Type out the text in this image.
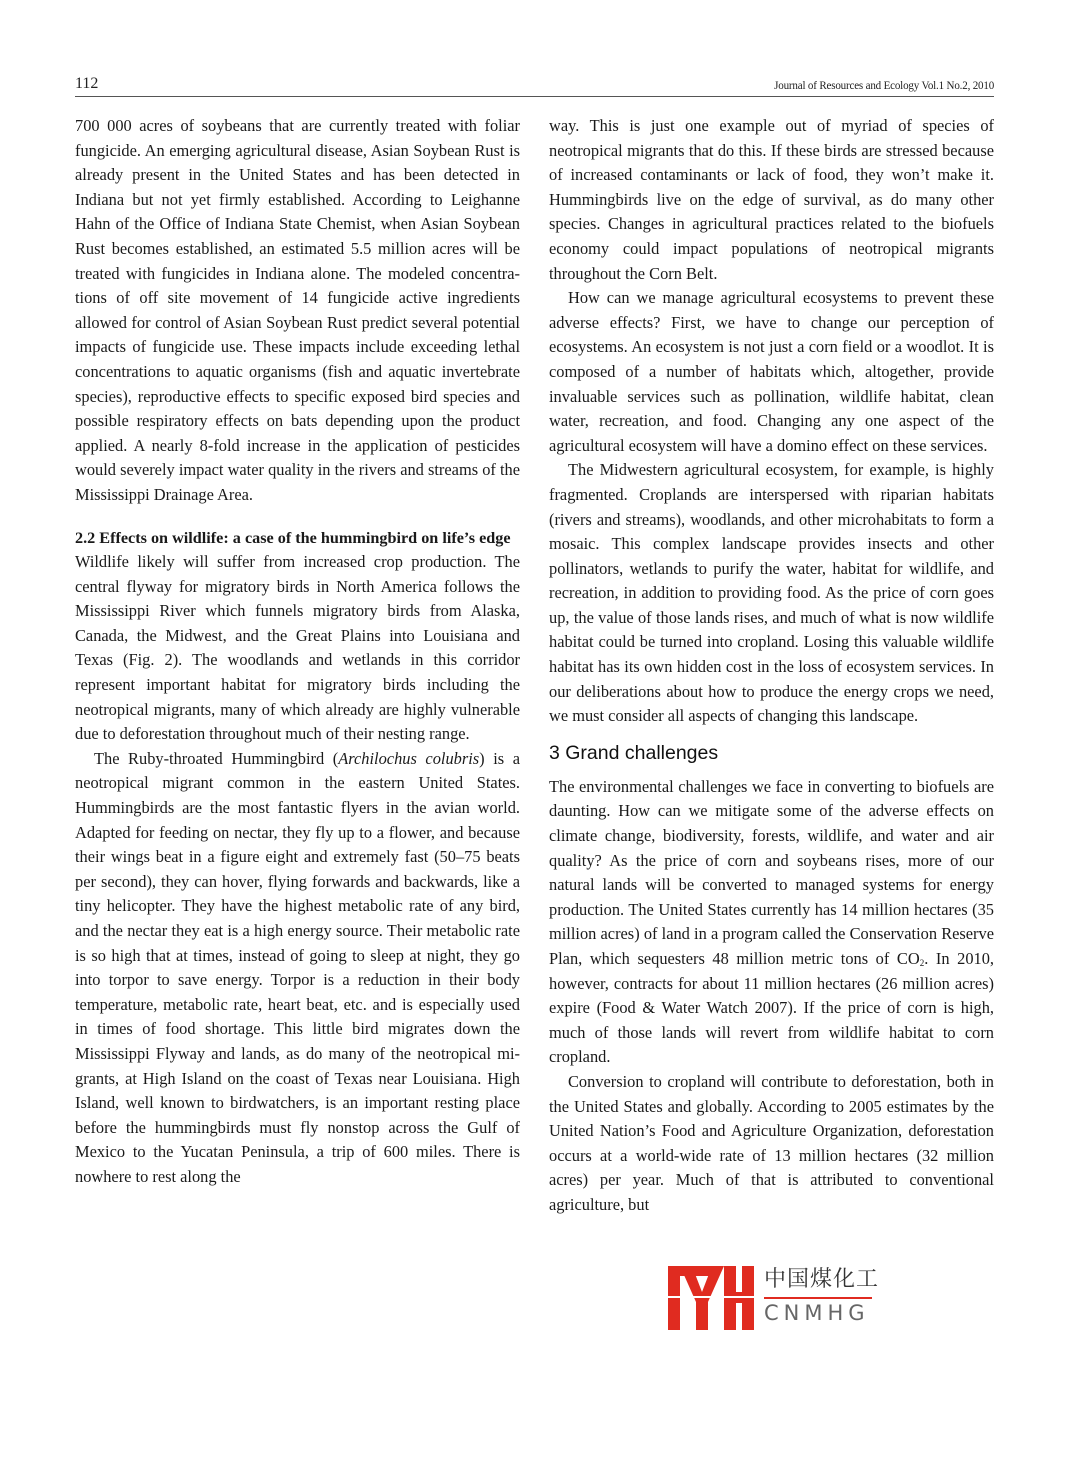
112	Journal of Resources and Ecology Vol.1 No.2, 2010

700 000 acres of soybeans that are currently treated with foliar fungicide. An emerging agricultural disease, Asian Soybean Rust is already present in the United States and has been detected in Indiana but not yet firmly established. According to Leighanne Hahn of the Office of Indiana State Chemist, when Asian Soybean Rust becomes established, an estimated 5.5 million acres will be treated with fungicides in Indiana alone. The modeled concentrations of off site movement of 14 fungicide active ingredients allowed for control of Asian Soybean Rust predict several potential impacts of fungicide use. These impacts include exceeding lethal concentrations to aquatic organisms (fish and aquatic invertebrate species), reproductive effects to specific exposed bird species and possible respiratory effects on bats depending upon the product applied. A nearly 8-fold increase in the application of pesticides would severely impact water quality in the rivers and streams of the Mississippi Drainage Area.

2.2 Effects on wildlife: a case of the hummingbird on life’s edge

Wildlife likely will suffer from increased crop production. The central flyway for migratory birds in North America follows the Mississippi River which funnels migratory birds from Alaska, Canada, the Midwest, and the Great Plains into Louisiana and Texas (Fig. 2). The woodlands and wetlands in this corridor represent important habitat for migratory birds including the neotropical migrants, many of which already are highly vulnerable due to deforestation throughout much of their nesting range.

The Ruby-throated Hummingbird (Archilochus colubris) is a neotropical migrant common in the eastern United States. Hummingbirds are the most fantastic flyers in the avian world. Adapted for feeding on nectar, they fly up to a flower, and because their wings beat in a figure eight and extremely fast (50–75 beats per second), they can hover, flying forwards and backwards, like a tiny helicopter. They have the highest metabolic rate of any bird, and the nectar they eat is a high energy source. Their metabolic rate is so high that at times, instead of going to sleep at night, they go into torpor to save energy. Torpor is a reduction in their body temperature, metabolic rate, heart beat, etc. and is especially used in times of food shortage. This little bird migrates down the Mississippi Flyway and lands, as do many of the neotropical migrants, at High Island on the coast of Texas near Louisiana. High Island, well known to birdwatchers, is an important resting place before the hummingbirds must fly nonstop across the Gulf of Mexico to the Yucatan Peninsula, a trip of 600 miles. There is nowhere to rest along the

way. This is just one example out of myriad of species of neotropical migrants that do this. If these birds are stressed because of increased contaminants or lack of food, they won’t make it. Hummingbirds live on the edge of survival, as do many other species. Changes in agricultural practices related to the biofuels economy could impact populations of neotropical migrants throughout the Corn Belt.

How can we manage agricultural ecosystems to prevent these adverse effects? First, we have to change our perception of ecosystems. An ecosystem is not just a corn field or a woodlot. It is composed of a number of habitats which, altogether, provide invaluable services such as pollination, wildlife habitat, clean water, recreation, and food. Changing any one aspect of the agricultural ecosystem will have a domino effect on these services.

The Midwestern agricultural ecosystem, for example, is highly fragmented. Croplands are interspersed with riparian habitats (rivers and streams), woodlands, and other microhabitats to form a mosaic. This complex landscape provides insects and other pollinators, wetlands to purify the water, habitat for wildlife, and recreation, in addition to providing food. As the price of corn goes up, the value of those lands rises, and much of what is now wildlife habitat could be turned into cropland. Losing this valuable wildlife habitat has its own hidden cost in the loss of ecosystem services. In our deliberations about how to produce the energy crops we need, we must consider all aspects of changing this landscape.

3 Grand challenges

The environmental challenges we face in converting to biofuels are daunting. How can we mitigate some of the adverse effects on climate change, biodiversity, forests, wildlife, and water and air quality? As the price of corn and soybeans rises, more of our natural lands will be converted to managed systems for energy production. The United States currently has 14 million hectares (35 million acres) of land in a program called the Conservation Reserve Plan, which sequesters 48 million metric tons of $CO_2$. In 2010, however, contracts for about 11 million hectares (26 million acres) expire (Food & Water Watch 2007). If the price of corn is high, much of those lands will revert from wildlife habitat to corn cropland.

Conversion to cropland will contribute to deforestation, both in the United States and globally. According to 2005 estimates by the United Nation’s Food and Agriculture Organization, deforestation occurs at a world-wide rate of 13 million hectares (32 million acres) per year. Much of that is attributed to conventional agriculture, but

中国煤化工
CNMHG
